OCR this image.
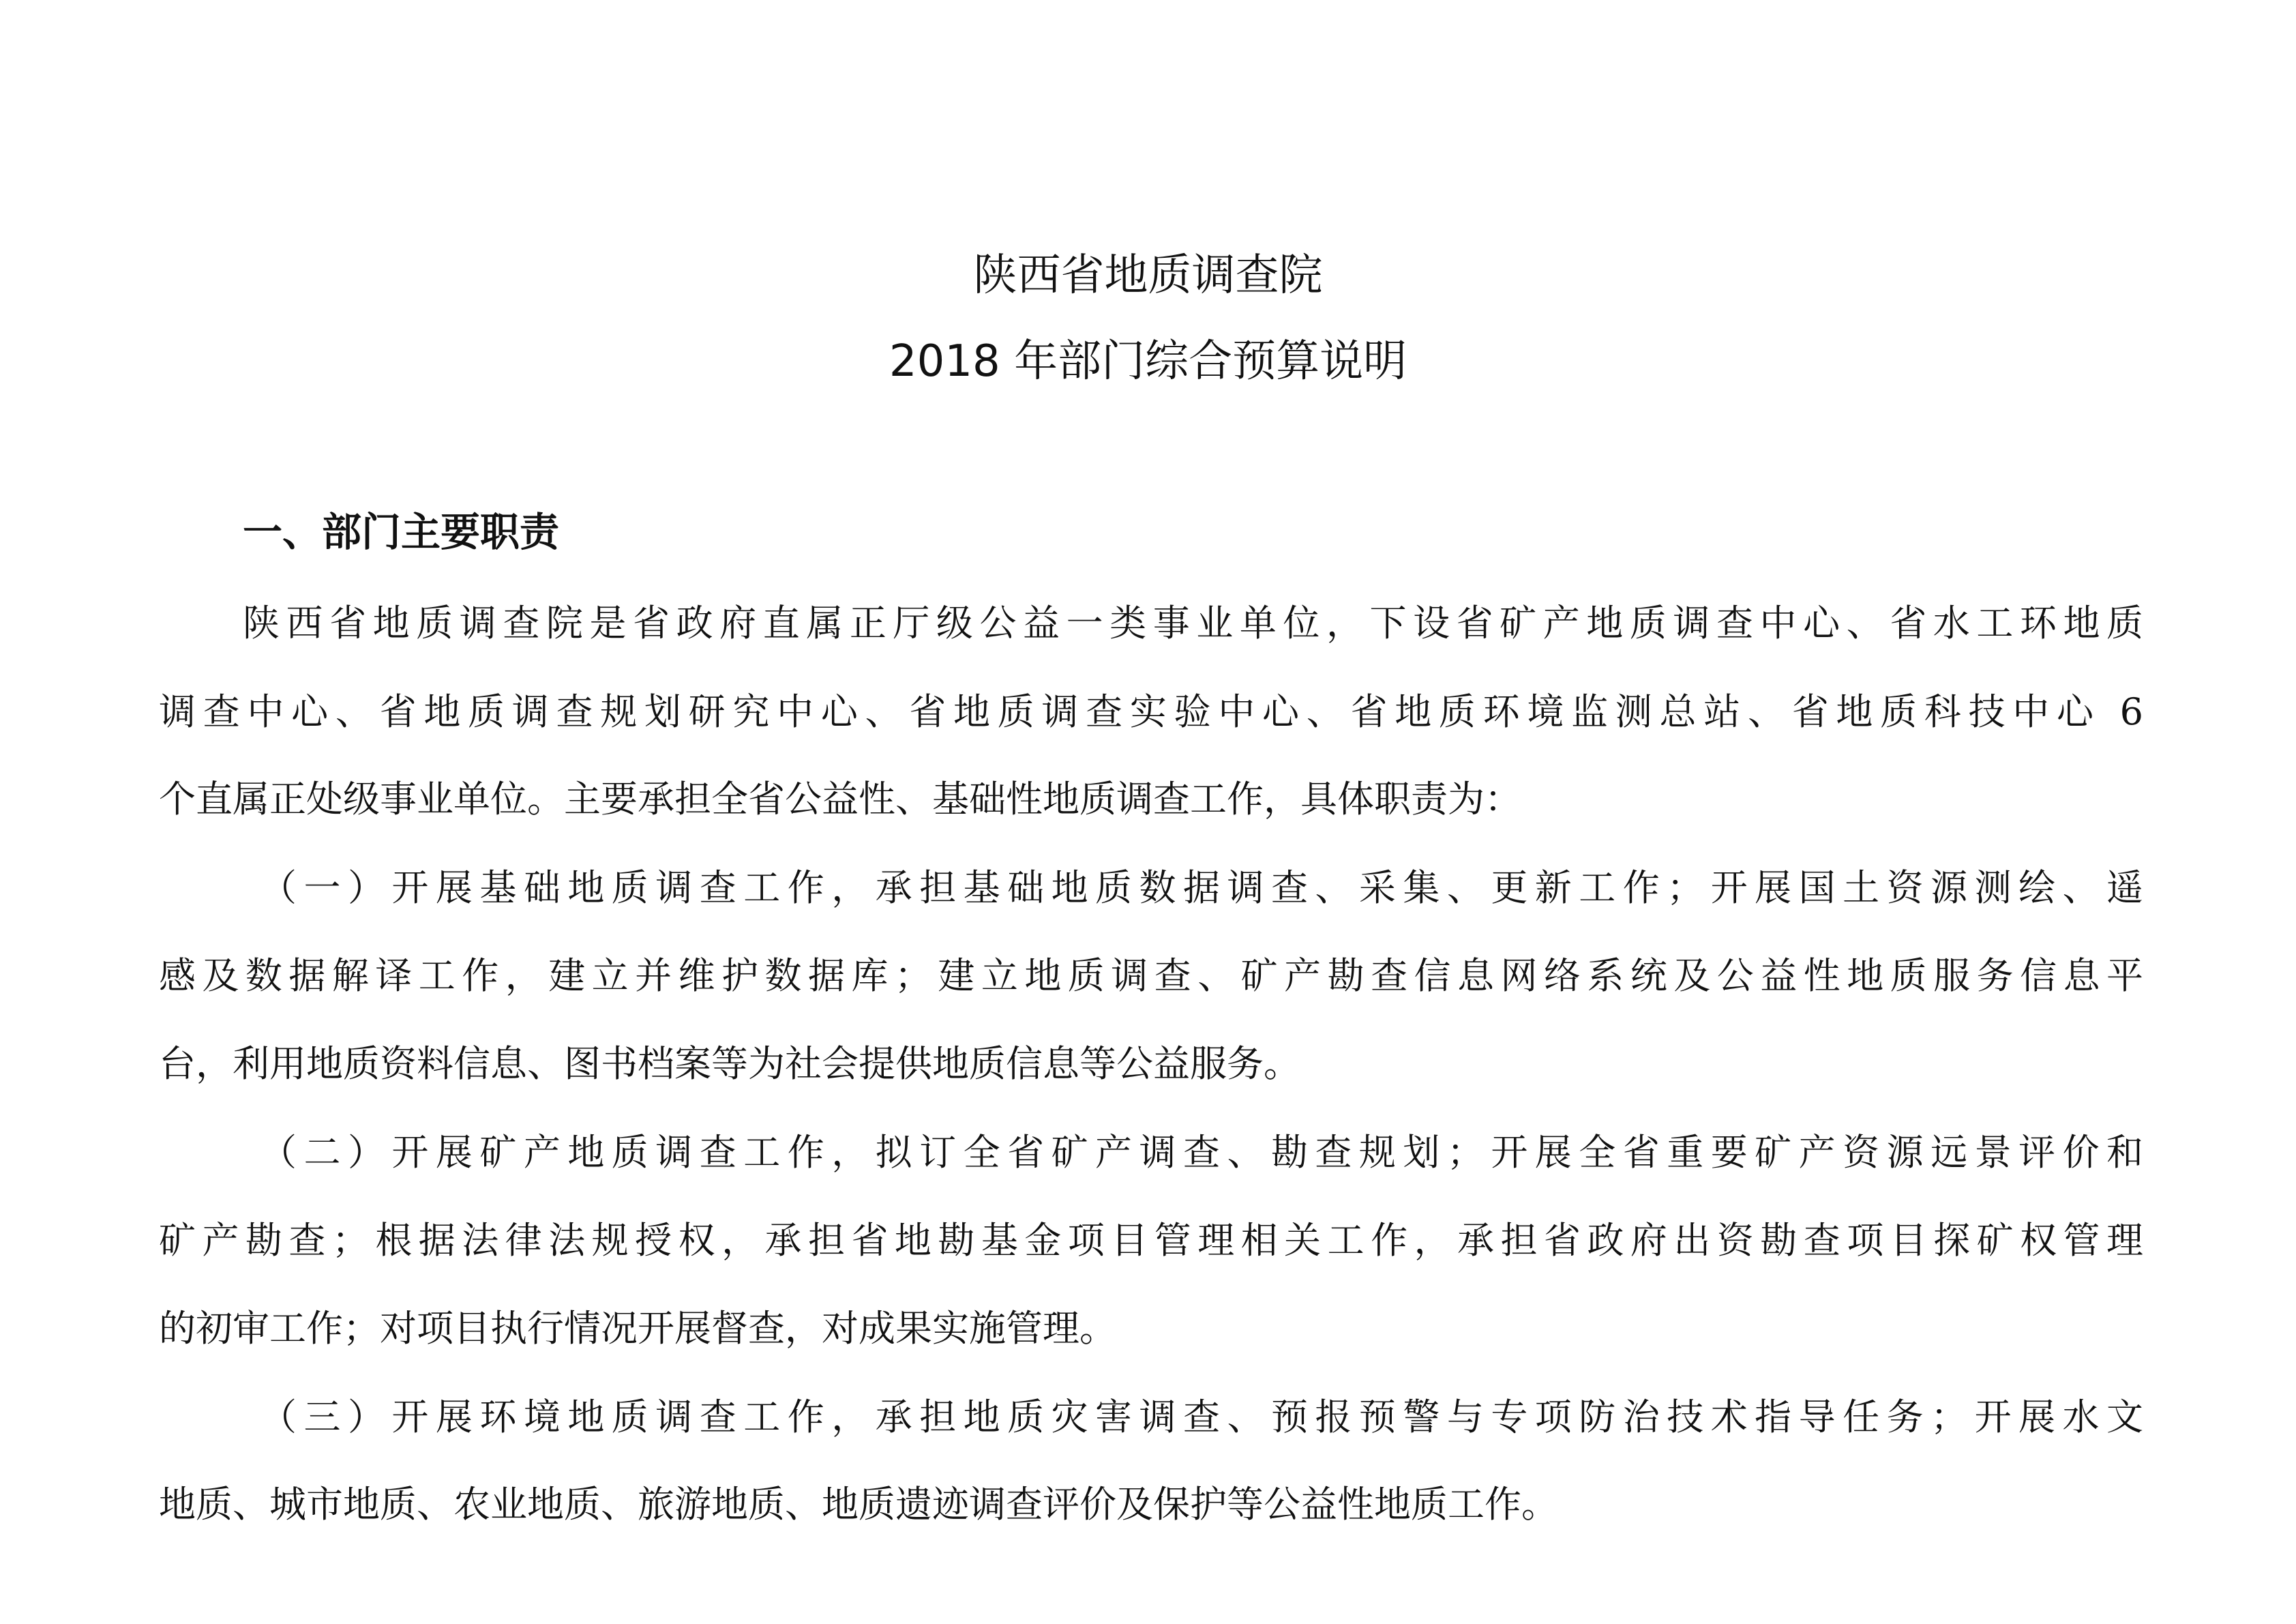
陕西省地质调查院
2018 年部门综合预算说明
一、部门主要职责
陕西省地质调查院是省政府直属正厅级公益一类事业单位，下设省矿产地质调查中心、省水工环地质
调查中心、省地质调查规划研究中心、省地质调查实验中心、省地质环境监测总站、省地质科技中心 6
个直属正处级事业单位。主要承担全省公益性、基础性地质调查工作，具体职责为：
（一）开展基础地质调查工作，承担基础地质数据调查、采集、更新工作；开展国土资源测绘、遥
感及数据解译工作，建立并维护数据库；建立地质调查、矿产勘查信息网络系统及公益性地质服务信息平
台，利用地质资料信息、图书档案等为社会提供地质信息等公益服务。
（二）开展矿产地质调查工作，拟订全省矿产调查、勘查规划；开展全省重要矿产资源远景评价和
矿产勘查；根据法律法规授权，承担省地勘基金项目管理相关工作，承担省政府出资勘查项目探矿权管理
的初审工作；对项目执行情况开展督查，对成果实施管理。
（三）开展环境地质调查工作，承担地质灾害调查、预报预警与专项防治技术指导任务；开展水文
地质、城市地质、农业地质、旅游地质、地质遗迹调查评价及保护等公益性地质工作。
